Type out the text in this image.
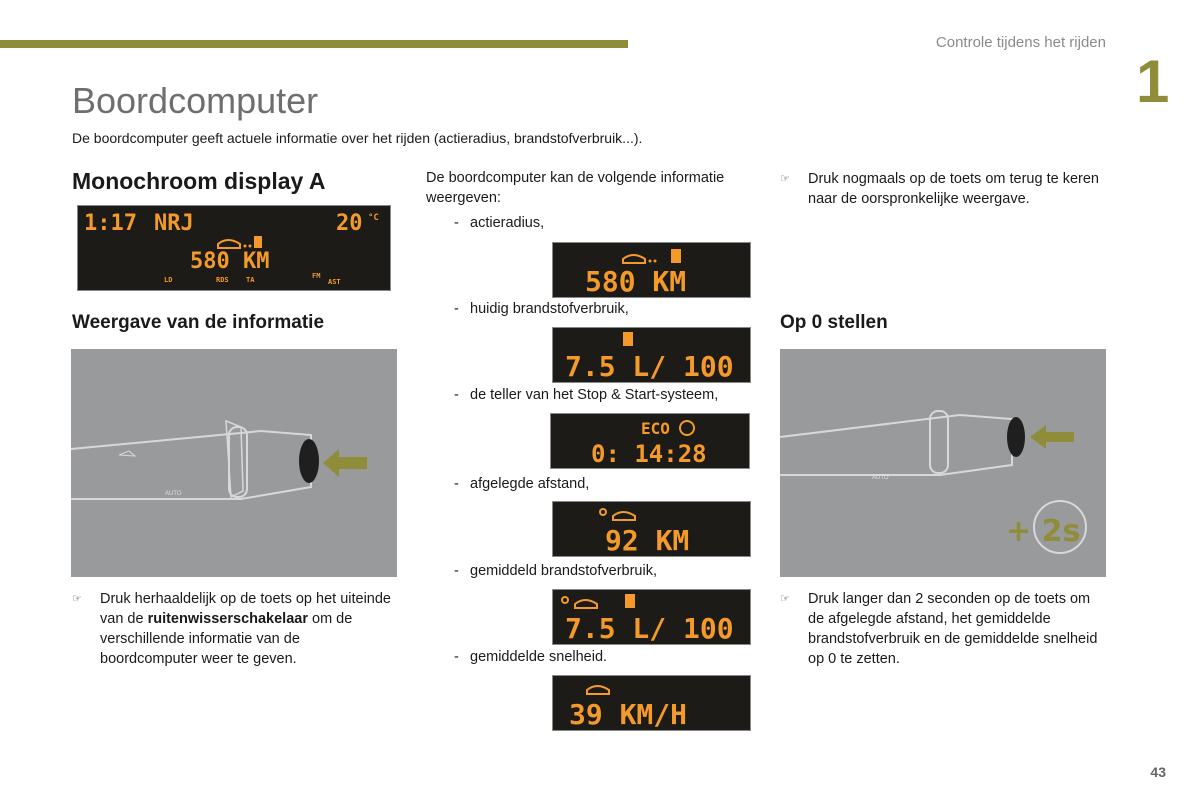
Controle tijdens het rijden
1
Boordcomputer

De boordcomputer geeft actuele informatie over het rijden (actieradius, brandstofverbruik...).

Monochroom display A
1:17 NRJ	20 °C
580 KM
LD	RDS TA	FM
AST
Weergave van de informatie
AUTO
☞ Druk herhaaldelijk op de toets op het uiteinde van de ruitenwisserschakelaar om de verschillende informatie van de boordcomputer weer te geven.

De boordcomputer kan de volgende informatie weergeven:

- actieradius,
580 KM
- huidig brandstofverbruik,
7.5 L/ 100
- de teller van het Stop & Start-systeem,
ECO
0: 14:28
- afgelegde afstand,
92 KM
- gemiddeld brandstofverbruik,
7.5 L/ 100
- gemiddelde snelheid.
39 KM/H
☞ Druk nogmaals op de toets om terug te keren naar de oorspronkelijke weergave.
Op 0 stellen
AUTO
+ 2s
☞ Druk langer dan 2 seconden op de toets om de afgelegde afstand, het gemiddelde brandstofverbruik en de gemiddelde snelheid op 0 te zetten.
43
